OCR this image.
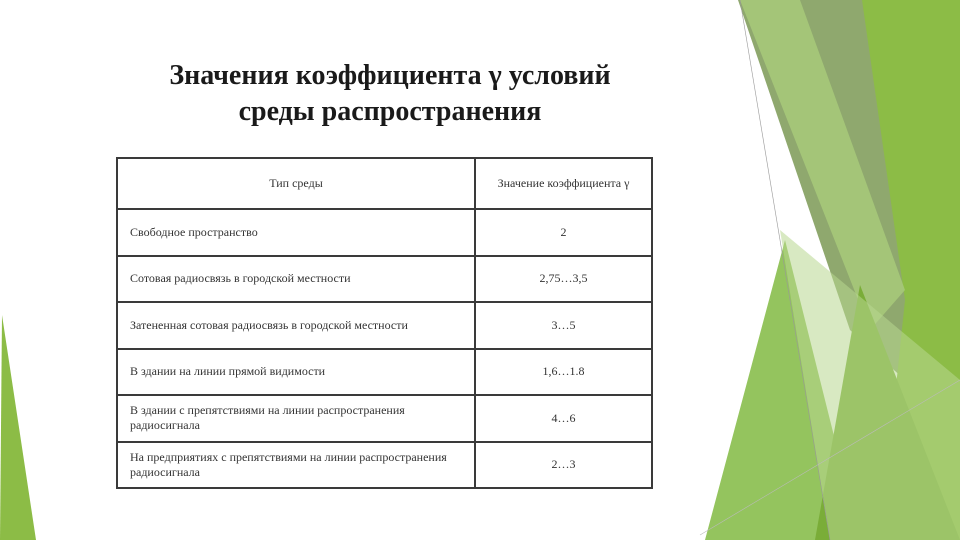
Значения коэффициента γ условий
среды распространения
Тип среды	Значение коэффициента γ
Свободное пространство	2
Сотовая радиосвязь в городской местности	2,75…3,5
Затененная сотовая радиосвязь в городской местности	3…5
В здании на линии прямой видимости	1,6…1.8
В здании с препятствиями на линии распространения радиосигнала	4…6
На предприятиях с препятствиями на линии распространения радиосигнала	2…3
